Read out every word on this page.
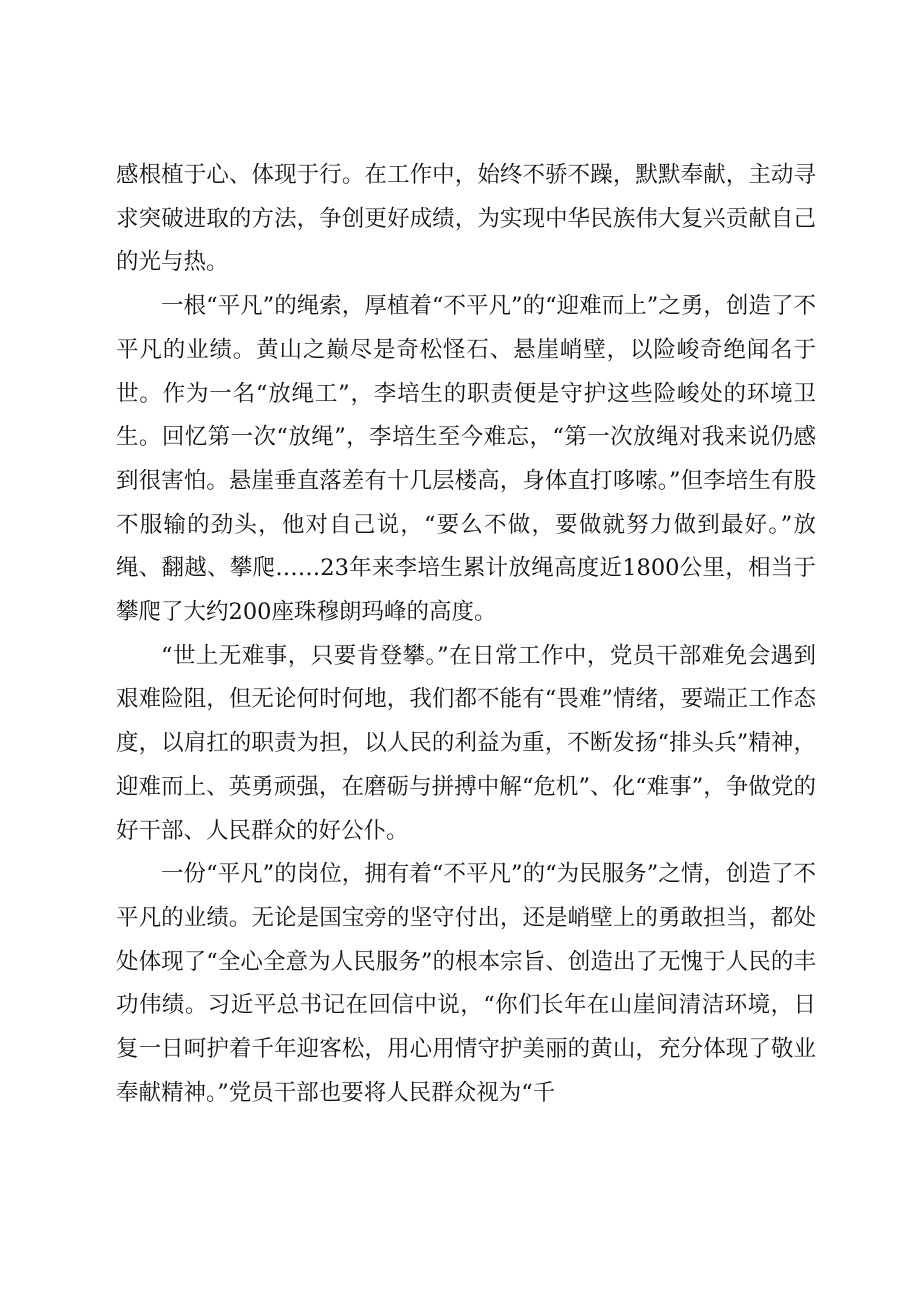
感根植于心、体现于行。在工作中，始终不骄不躁，默默奉献，主动寻求突破进取的方法，争创更好成绩，为实现中华民族伟大复兴贡献自己的光与热。

一根“平凡”的绳索，厚植着“不平凡”的“迎难而上”之勇，创造了不平凡的业绩。黄山之巅尽是奇松怪石、悬崖峭壁，以险峻奇绝闻名于世。作为一名“放绳工”，李培生的职责便是守护这些险峻处的环境卫生。回忆第一次“放绳”，李培生至今难忘，“第一次放绳对我来说仍感到很害怕。悬崖垂直落差有十几层楼高，身体直打哆嗦。”但李培生有股不服输的劲头，他对自己说，“要么不做，要做就努力做到最好。”放绳、翻越、攀爬……23年来李培生累计放绳高度近1800公里，相当于攀爬了大约200座珠穆朗玛峰的高度。

“世上无难事，只要肯登攀。”在日常工作中，党员干部难免会遇到艰难险阻，但无论何时何地，我们都不能有“畏难”情绪，要端正工作态度，以肩扛的职责为担，以人民的利益为重，不断发扬“排头兵”精神，迎难而上、英勇顽强，在磨砺与拼搏中解“危机”、化“难事”，争做党的好干部、人民群众的好公仆。

一份“平凡”的岗位，拥有着“不平凡”的“为民服务”之情，创造了不平凡的业绩。无论是国宝旁的坚守付出，还是峭壁上的勇敢担当，都处处体现了“全心全意为人民服务”的根本宗旨、创造出了无愧于人民的丰功伟绩。习近平总书记在回信中说，“你们长年在山崖间清洁环境，日复一日呵护着千年迎客松，用心用情守护美丽的黄山，充分体现了敬业奉献精神。”党员干部也要将人民群众视为“千
